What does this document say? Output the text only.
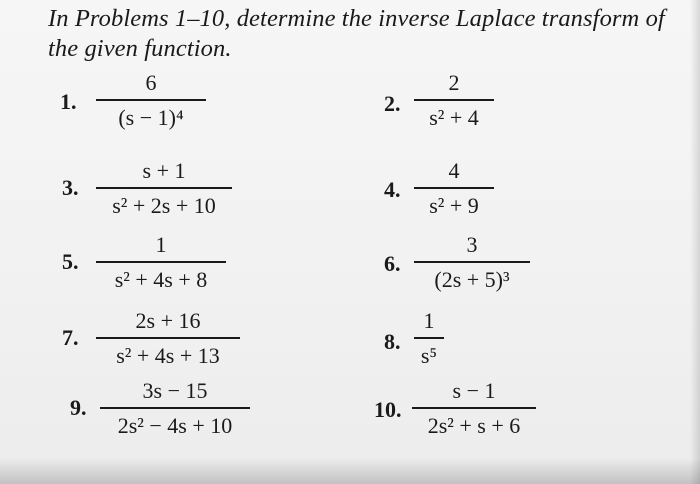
In Problems 1–10, determine the inverse Laplace transform of the given function.
1.
6
(s − 1)⁴
2.
2
s² + 4
3.
s + 1
s² + 2s + 10
4.
4
s² + 9
5.
1
s² + 4s + 8
6.
3
(2s + 5)³
7.
2s + 16
s² + 4s + 13
8.
1
s⁵
9.
3s − 15
2s² − 4s + 10
10.
s − 1
2s² + s + 6
